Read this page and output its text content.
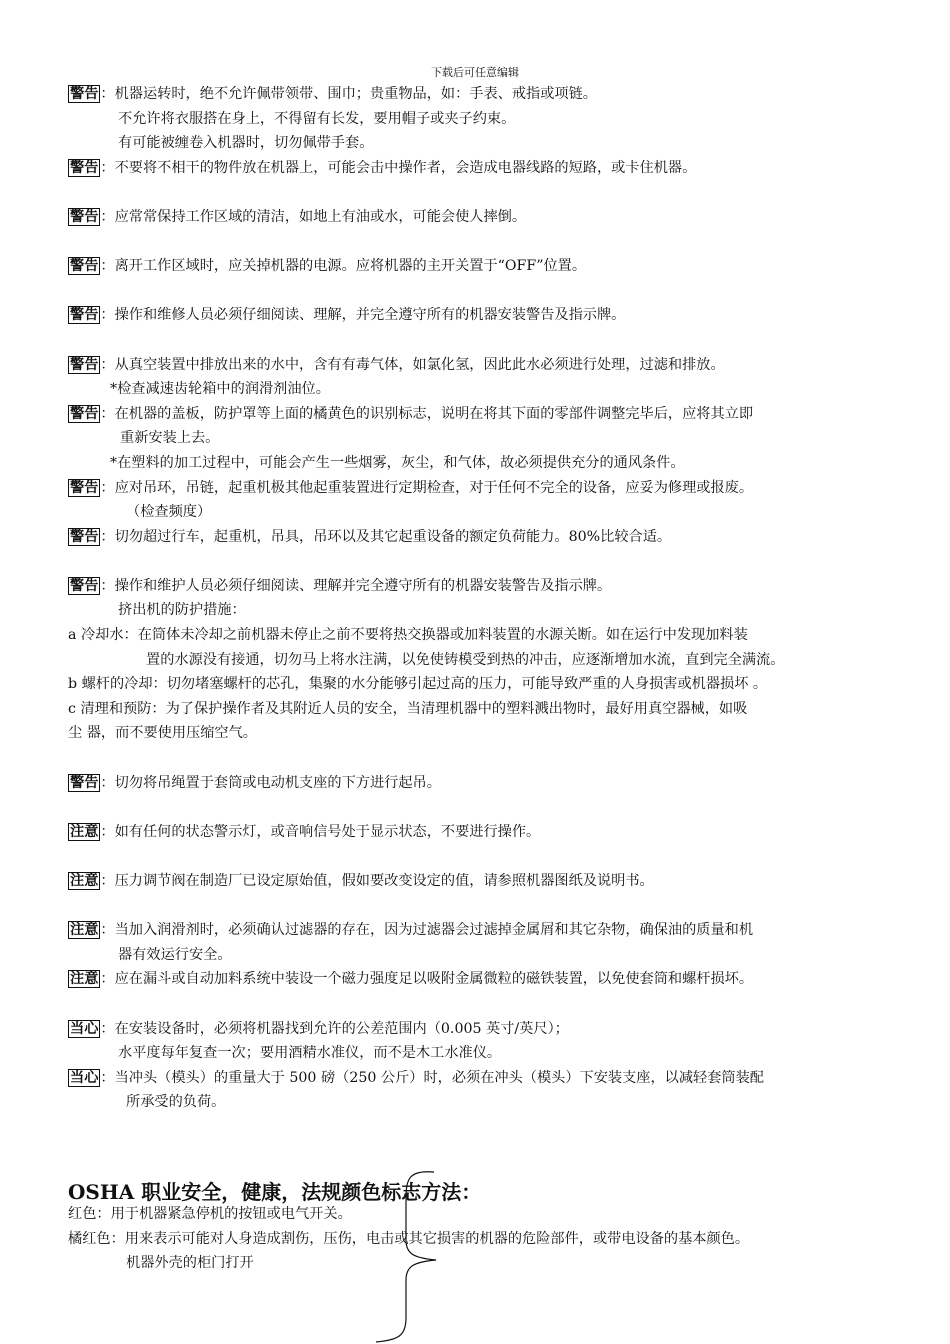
下载后可任意编辑
警告 ：机器运转时，绝不允许佩带领带、围巾；贵重物品，如：手表、戒指或项链。
不允许将衣服搭在身上，不得留有长发，要用帽子或夹子约束。
有可能被缠卷入机器时，切勿佩带手套。
警告 ：不要将不相干的物件放在机器上，可能会击中操作者，会造成电器线路的短路，或卡住机器。
警告 ：应常常保持工作区域的清洁，如地上有油或水，可能会使人摔倒。
警告 ：离开工作区域时，应关掉机器的电源。应将机器的主开关置于“OFF”位置。
警告 ：操作和维修人员必须仔细阅读、理解，并完全遵守所有的机器安装警告及指示牌。
警告 ：从真空装置中排放出来的水中，含有有毒气体，如氯化氢，因此此水必须进行处理，过滤和排放。
*检查减速齿轮箱中的润滑剂油位。
警告 ：在机器的盖板，防护罩等上面的橘黄色的识别标志，说明在将其下面的零部件调整完毕后，应将其立即
重新安装上去。
*在塑料的加工过程中，可能会产生一些烟雾，灰尘，和气体，故必须提供充分的通风条件。
警告 ：应对吊环，吊链，起重机极其他起重装置进行定期检查，对于任何不完全的设备，应妥为修理或报废。
（检查频度）
警告 ：切勿超过行车，起重机，吊具，吊环以及其它起重设备的额定负荷能力。80%比较合适。
警告 ：操作和维护人员必须仔细阅读、理解并完全遵守所有的机器安装警告及指示牌。
挤出机的防护措施：
a 冷却水：在筒体未冷却之前机器未停止之前不要将热交换器或加料装置的水源关断。如在运行中发现加料装
置的水源没有接通，切勿马上将水注满，以免使铸模受到热的冲击，应逐渐增加水流，直到完全满流。
b 螺杆的冷却：切勿堵塞螺杆的芯孔，集聚的水分能够引起过高的压力，可能导致严重的人身损害或机器损坏 。
c 清理和预防：为了保护操作者及其附近人员的安全，当清理机器中的塑料溅出物时，最好用真空器械，如吸
尘 器，而不要使用压缩空气。
警告 ：切勿将吊绳置于套筒或电动机支座的下方进行起吊。
注意 ：如有任何的状态警示灯，或音响信号处于显示状态，不要进行操作。
注意 ：压力调节阀在制造厂已设定原始值，假如要改变设定的值，请参照机器图纸及说明书。
注意 ：当加入润滑剂时，必须确认过滤器的存在，因为过滤器会过滤掉金属屑和其它杂物，确保油的质量和机
器有效运行安全。
注意 ：应在漏斗或自动加料系统中装设一个磁力强度足以吸附金属微粒的磁铁装置，以免使套筒和螺杆损坏。
当心 ：在安装设备时，必须将机器找到允许的公差范围内（0.005 英寸/英尺）；
水平度每年复查一次；要用酒精水准仪，而不是木工水准仪。
当心 ：当冲头（模头）的重量大于 500 磅（250 公斤）时，必须在冲头（模头）下安装支座，以减轻套筒装配
所承受的负荷。
OSHA 职业安全，健康，法规颜色标志方法：
红色：用于机器紧急停机的按钮或电气开关。
橘红色：用来表示可能对人身造成割伤，压伤，电击或其它损害的机器的危险部件，或带电设备的基本颜色。
机器外壳的柜门打开
